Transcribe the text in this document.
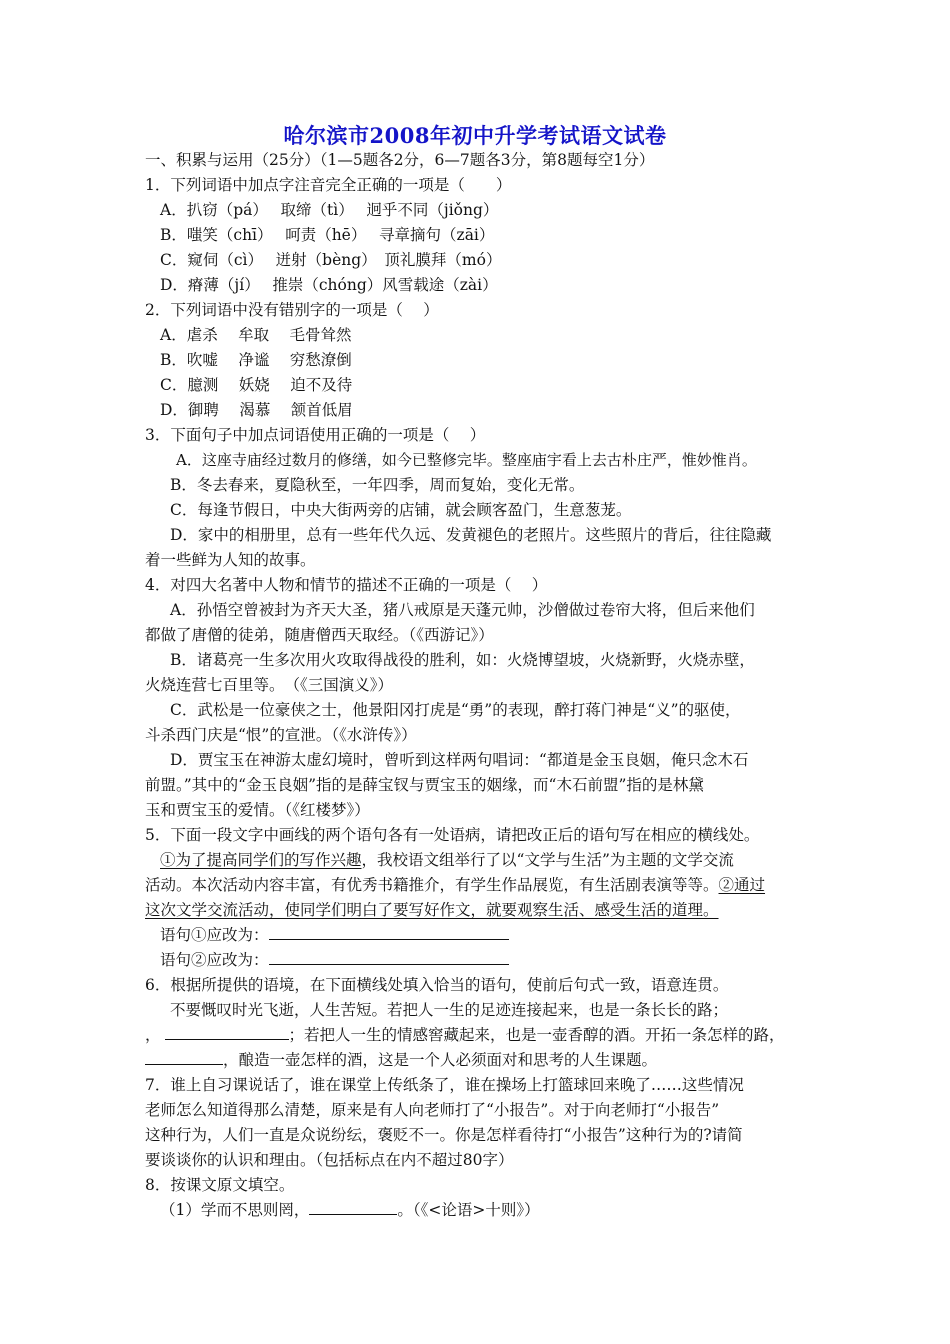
哈尔滨市2008年初中升学考试语文试卷
一、积累与运用（25分）（1—5题各2分，6—7题各3分，第8题每空1分）
1．下列词语中加点字注音完全正确的一项是（　　）
A．扒窃（pá）　 取缔（tì）　 迥乎不同（jiǒng）
B．嗤笑（chī）　 呵责（hē）　 寻章摘句（zāi）
C．窥伺（cì）　 迸射（bèng）　顶礼膜拜（mó）
D．瘠薄（jí）　 推崇（chóng）风雪载途（zài）
2．下列词语中没有错别字的一项是（　 ）
A．虐杀　 牟取　 毛骨耸然
B．吹嘘　 净谧　 穷愁潦倒
C．臆测　 妖娆　 迫不及待
D．御聘　 渴慕　 颔首低眉
3．下面句子中加点词语使用正确的一项是（　 ）
A．这座寺庙经过数月的修缮，如今已整修完毕。整座庙宇看上去古朴庄严，惟妙惟肖。
B．冬去春来，夏隐秋至，一年四季，周而复始，变化无常。
C．每逢节假日，中央大街两旁的店铺，就会顾客盈门，生意葱茏。
D．家中的相册里，总有一些年代久远、发黄褪色的老照片。这些照片的背后，往往隐藏
着一些鲜为人知的故事。
4．对四大名著中人物和情节的描述不正确的一项是（　 ）
A．孙悟空曾被封为齐天大圣，猪八戒原是天蓬元帅，沙僧做过卷帘大将，但后来他们
都做了唐僧的徒弟，随唐僧西天取经。（《西游记》）
B．诸葛亮一生多次用火攻取得战役的胜利，如：火烧博望坡，火烧新野，火烧赤壁，
火烧连营七百里等。　（《三国演义》）
C．武松是一位豪侠之士，他景阳冈打虎是“勇”的表现，醉打蒋门神是“义”的驱使，
斗杀西门庆是“恨”的宣泄。（《水浒传》）
D．贾宝玉在神游太虚幻境时，曾听到这样两句唱词：“都道是金玉良姻，俺只念木石
前盟。”其中的“金玉良姻”指的是薛宝钗与贾宝玉的姻缘，而“木石前盟”指的是林黛
玉和贾宝玉的爱情。（《红楼梦》）
5．下面一段文字中画线的两个语句各有一处语病，请把改正后的语句写在相应的横线处。
①为了提高同学们的写作兴趣，我校语文组举行了以“文学与生活”为主题的文学交流
活动。本次活动内容丰富，有优秀书籍推介，有学生作品展览，有生活剧表演等等。②通过
这次文学交流活动，使同学们明白了要写好作文，就要观察生活、感受生活的道理。
语句①应改为：
语句②应改为：
6．根据所提供的语境，在下面横线处填入恰当的语句，使前后句式一致，语意连贯。
不要慨叹时光飞逝，人生苦短。若把人一生的足迹连接起来，也是一条长长的路；
，	；若把人一生的情感窖藏起来，也是一壶香醇的酒。开拓一条怎样的路，
，酿造一壶怎样的酒，这是一个人必须面对和思考的人生课题。
7．谁上自习课说话了，谁在课堂上传纸条了，谁在操场上打篮球回来晚了……这些情况
老师怎么知道得那么清楚，原来是有人向老师打了“小报告”。对于向老师打“小报告”
这种行为，人们一直是众说纷纭，褒贬不一。你是怎样看待打“小报告”这种行为的?请简
要谈谈你的认识和理由。（包括标点在内不超过80字）
8．按课文原文填空。
（1）学而不思则罔，	。（《<论语>十则》）
